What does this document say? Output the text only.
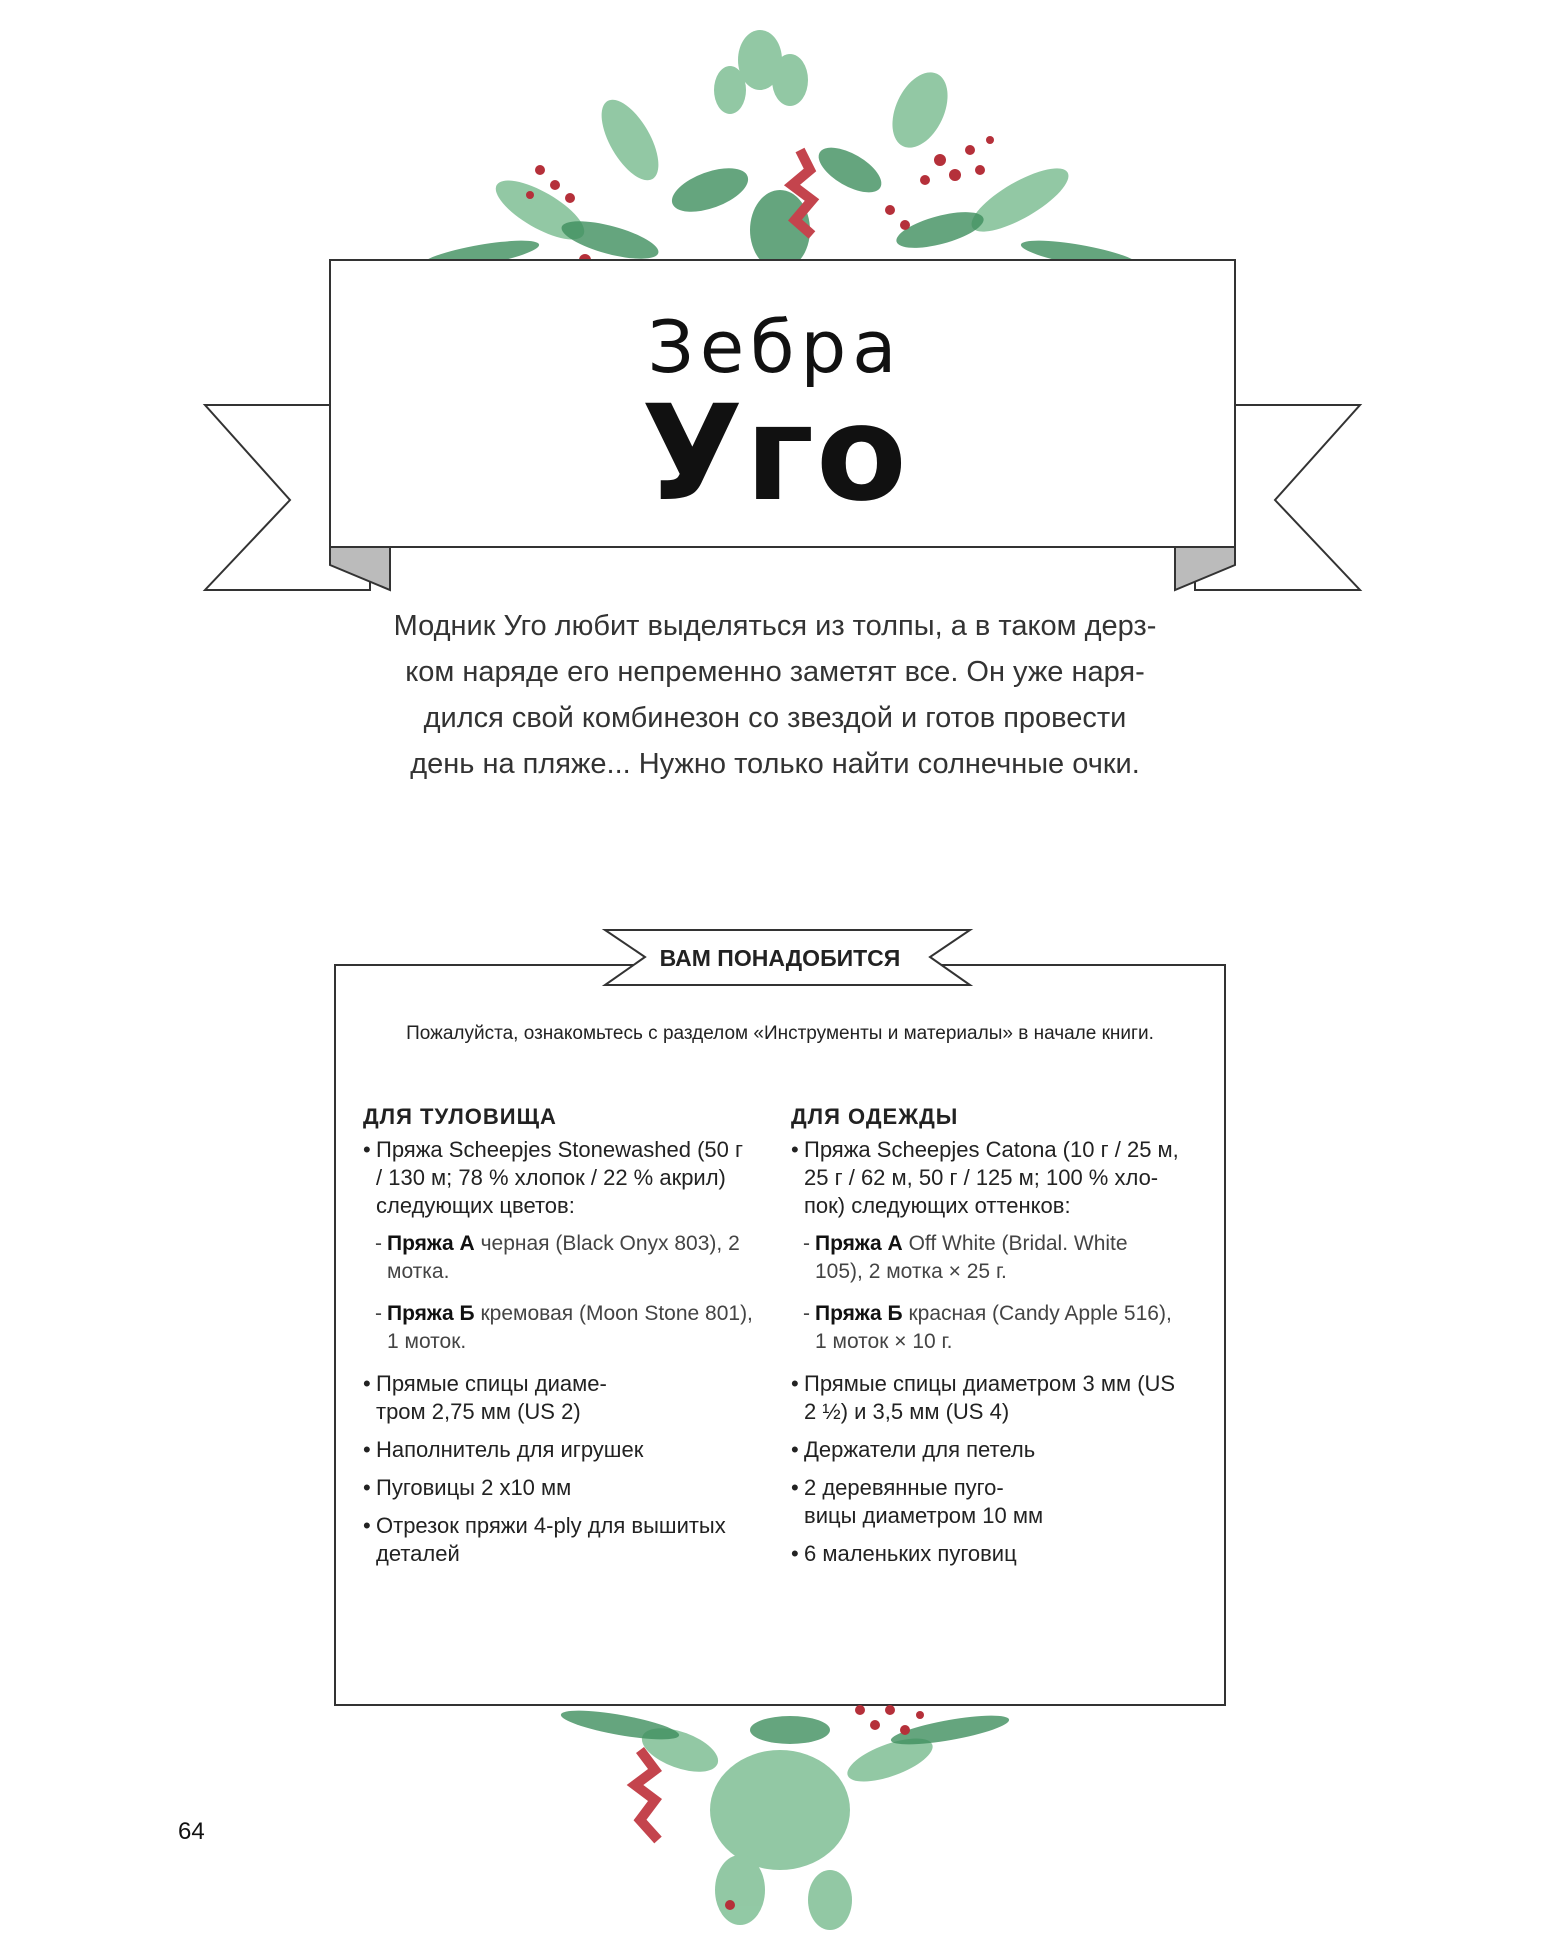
Зебра
Уго
Модник Уго любит выделяться из толпы, а в таком дерз-
ком наряде его непременно заметят все. Он уже наря-
дился свой комбинезон со звездой и готов провести
день на пляже... Нужно только найти солнечные очки.
ВАМ ПОНАДОБИТСЯ
Пожалуйста, ознакомьтесь с разделом «Инструменты и материалы» в начале книги.
ДЛЯ ТУЛОВИЩА
• Пряжа Scheepjes Stonewashed (50 г / 130 м; 78 % хлопок / 22 % акрил) следующих цветов:
- Пряжа А черная (Black Onyx 803), 2 мотка.
- Пряжа Б кремовая (Moon Stone 801), 1 моток.
• Прямые спицы диаме-
тром 2,75 мм (US 2)
• Наполнитель для игрушек
• Пуговицы 2 х10 мм
• Отрезок пряжи 4-ply для вышитых деталей
ДЛЯ ОДЕЖДЫ
• Пряжа Scheepjes Catona (10 г / 25 м, 25 г / 62 м, 50 г / 125 м; 100 % хло-пок) следующих оттенков:
- Пряжа А Off White (Bridal. White 105), 2 мотка × 25 г.
- Пряжа Б красная (Candy Apple 516), 1 моток × 10 г.
• Прямые спицы диаметром 3 мм (US 2 ½) и 3,5 мм (US 4)
• Держатели для петель
• 2 деревянные пуго-
вицы диаметром 10 мм
• 6 маленьких пуговиц
64
